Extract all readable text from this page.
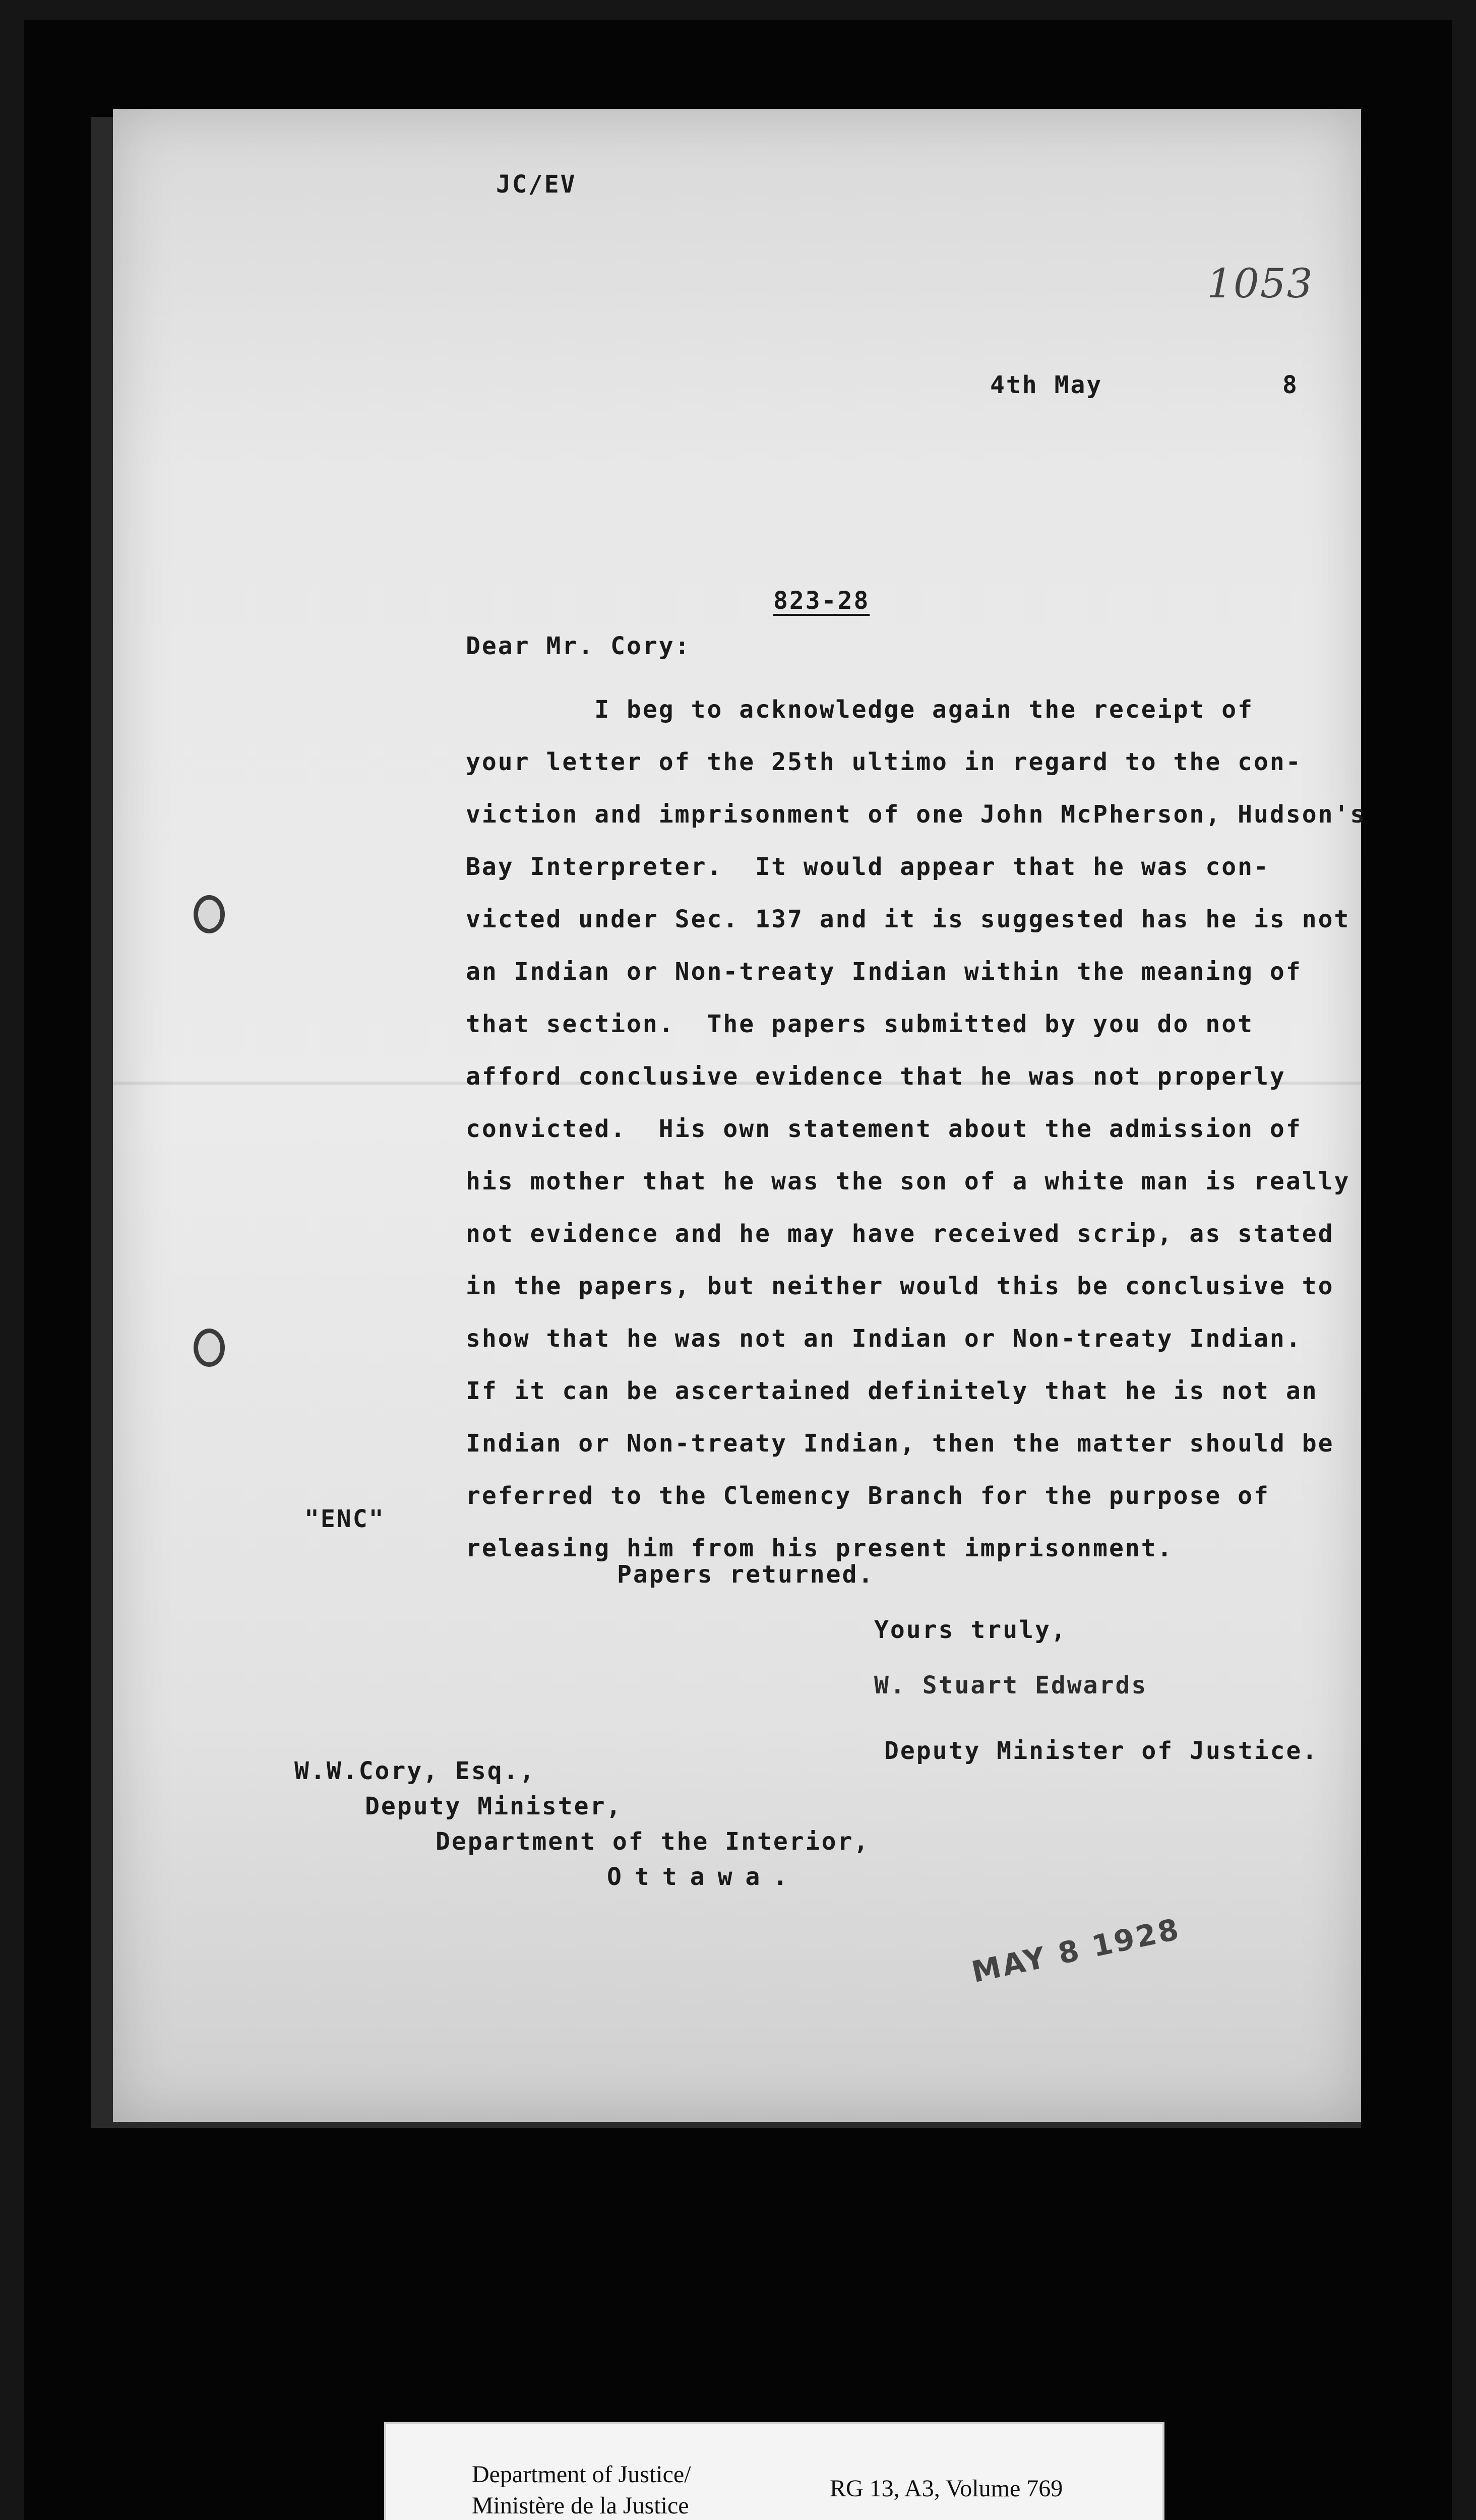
JC/EV
1053
4th May	8
823-28
Dear Mr. Cory:
I beg to acknowledge again the receipt of
your letter of the 25th ultimo in regard to the con-
viction and imprisonment of one John McPherson, Hudson's
Bay Interpreter.  It would appear that he was con-
victed under Sec. 137 and it is suggested has he is not
an Indian or Non-treaty Indian within the meaning of
that section.  The papers submitted by you do not
afford conclusive evidence that he was not properly
convicted.  His own statement about the admission of
his mother that he was the son of a white man is really
not evidence and he may have received scrip, as stated
in the papers, but neither would this be conclusive to
show that he was not an Indian or Non-treaty Indian.
If it can be ascertained definitely that he is not an
Indian or Non-treaty Indian, then the matter should be
referred to the Clemency Branch for the purpose of
releasing him from his present imprisonment.
"ENC"
Papers returned.
Yours truly,
W. Stuart Edwards
Deputy Minister of Justice.
W.W.Cory, Esq.,
Deputy Minister,
Department of the Interior,
Ottawa.
MAY 8 1928
Department of Justice/
Ministère de la Justice
RG 13, A3, Volume 769
